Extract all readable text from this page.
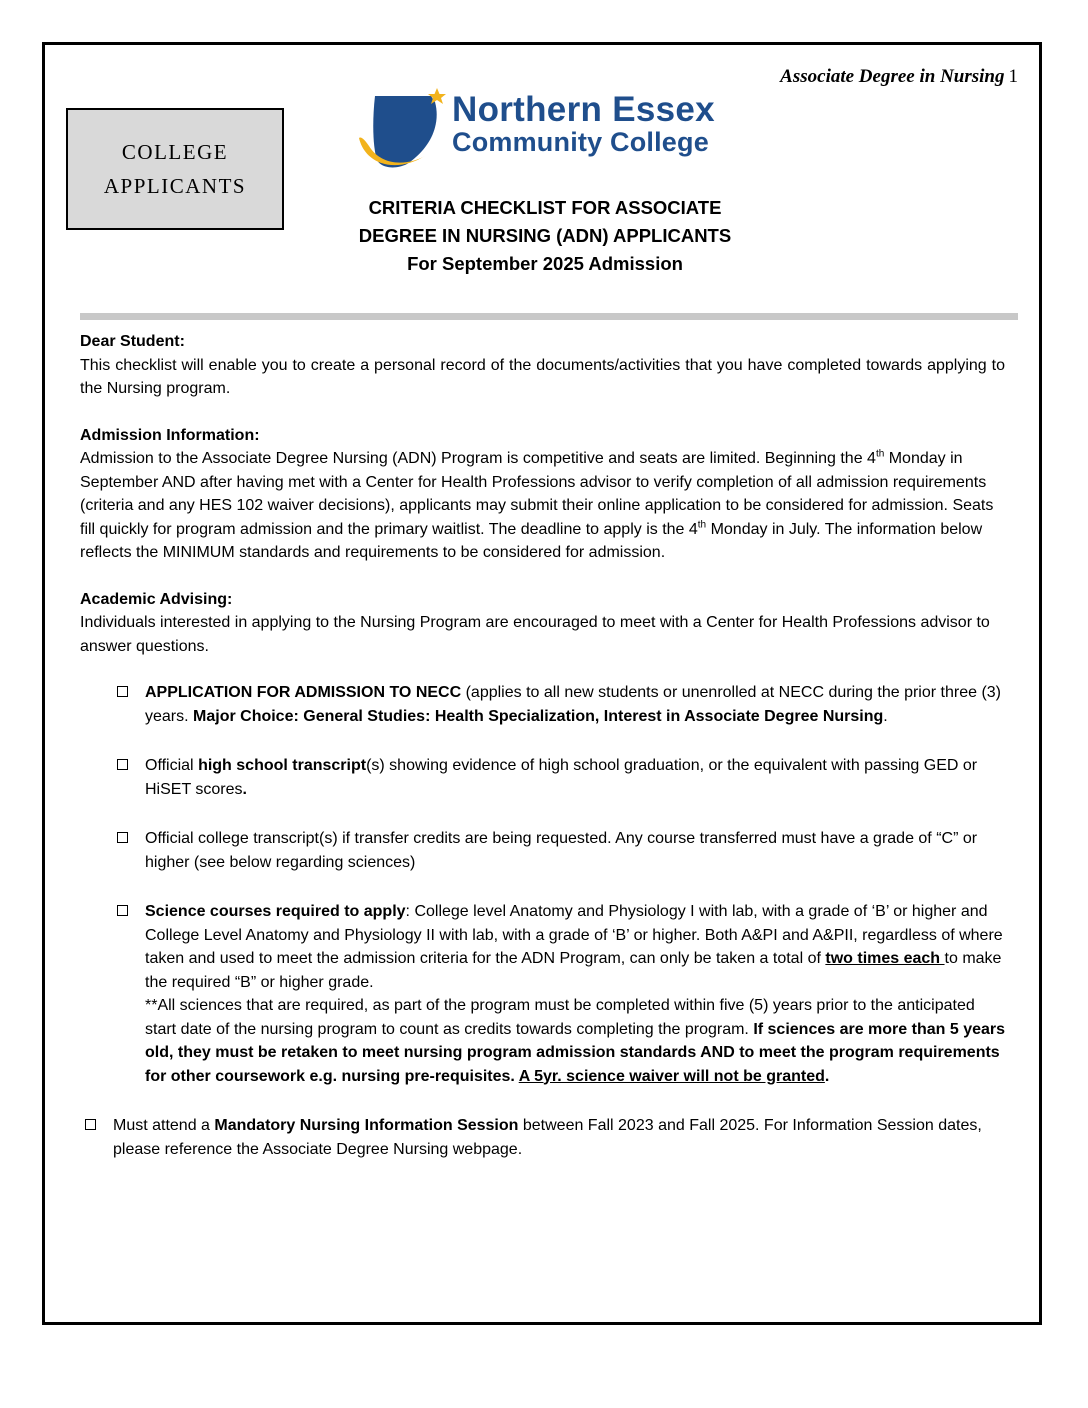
Associate Degree in Nursing 1
COLLEGE
APPLICANTS
Northern Essex
Community College
CRITERIA CHECKLIST FOR ASSOCIATE
DEGREE IN NURSING (ADN) APPLICANTS
For September 2025 Admission

Dear Student:

This checklist will enable you to create a personal record of the documents/activities that you have completed towards applying to the Nursing program.

Admission Information:

Admission to the Associate Degree Nursing (ADN) Program is competitive and seats are limited. Beginning the 4th Monday in September AND after having met with a Center for Health Professions advisor to verify completion of all admission requirements (criteria and any HES 102 waiver decisions), applicants may submit their online application to be considered for admission. Seats fill quickly for program admission and the primary waitlist. The deadline to apply is the 4th Monday in July. The information below reflects the MINIMUM standards and requirements to be considered for admission.

Academic Advising:

Individuals interested in applying to the Nursing Program are encouraged to meet with a Center for Health Professions advisor to answer questions.

APPLICATION FOR ADMISSION TO NECC (applies to all new students or unenrolled at NECC during the prior three (3) years. Major Choice: General Studies: Health Specialization, Interest in Associate Degree Nursing.
Official high school transcript(s) showing evidence of high school graduation, or the equivalent with passing GED or HiSET scores.
Official college transcript(s) if transfer credits are being requested. Any course transferred must have a grade of “C” or higher (see below regarding sciences)
Science courses required to apply: College level Anatomy and Physiology I with lab, with a grade of ‘B’ or higher and College Level Anatomy and Physiology II with lab, with a grade of ‘B’ or higher. Both A&PI and A&PII, regardless of where taken and used to meet the admission criteria for the ADN Program, can only be taken a total of two times each to make the required “B” or higher grade.

**All sciences that are required, as part of the program must be completed within five (5) years prior to the anticipated start date of the nursing program to count as credits towards completing the program. If sciences are more than 5 years old, they must be retaken to meet nursing program admission standards AND to meet the program requirements for other coursework e.g. nursing pre-requisites. A 5yr. science waiver will not be granted.

Must attend a Mandatory Nursing Information Session between Fall 2023 and Fall 2025. For Information Session dates, please reference the Associate Degree Nursing webpage.
